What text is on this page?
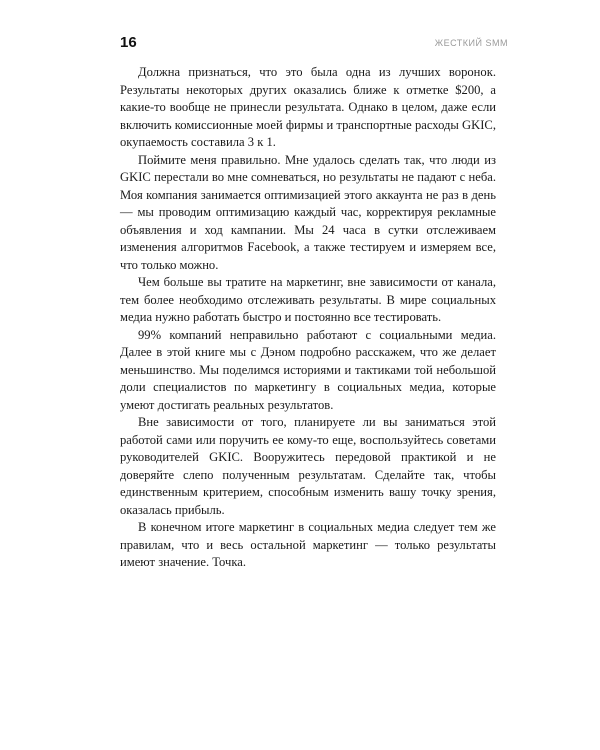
16	ЖЕСТКИЙ SMM

Должна признаться, что это была одна из лучших воронок. Результаты некоторых других оказались ближе к отметке $200, а какие-то вообще не принесли результата. Однако в целом, даже если включить комиссионные моей фирмы и транспортные расходы GKIC, окупаемость составила 3 к 1.

Поймите меня правильно. Мне удалось сделать так, что люди из GKIC перестали во мне сомневаться, но результаты не падают с неба. Моя компания занимается оптимизацией этого аккаунта не раз в день — мы проводим оптимизацию каждый час, корректируя рекламные объявления и ход кампании. Мы 24 часа в сутки отслеживаем изменения алгоритмов Facebook, а также тестируем и измеряем все, что только можно.

Чем больше вы тратите на маркетинг, вне зависимости от канала, тем более необходимо отслеживать результаты. В мире социальных медиа нужно работать быстро и постоянно все тестировать.

99% компаний неправильно работают с социальными медиа. Далее в этой книге мы с Дэном подробно расскажем, что же делает меньшинство. Мы поделимся историями и тактиками той небольшой доли специалистов по маркетингу в социальных медиа, которые умеют достигать реальных результатов.

Вне зависимости от того, планируете ли вы заниматься этой работой сами или поручить ее кому-то еще, воспользуйтесь советами руководителей GKIC. Вооружитесь передовой практикой и не доверяйте слепо полученным результатам. Сделайте так, чтобы единственным критерием, способным изменить вашу точку зрения, оказалась прибыль.

В конечном итоге маркетинг в социальных медиа следует тем же правилам, что и весь остальной маркетинг — только результаты имеют значение. Точка.
